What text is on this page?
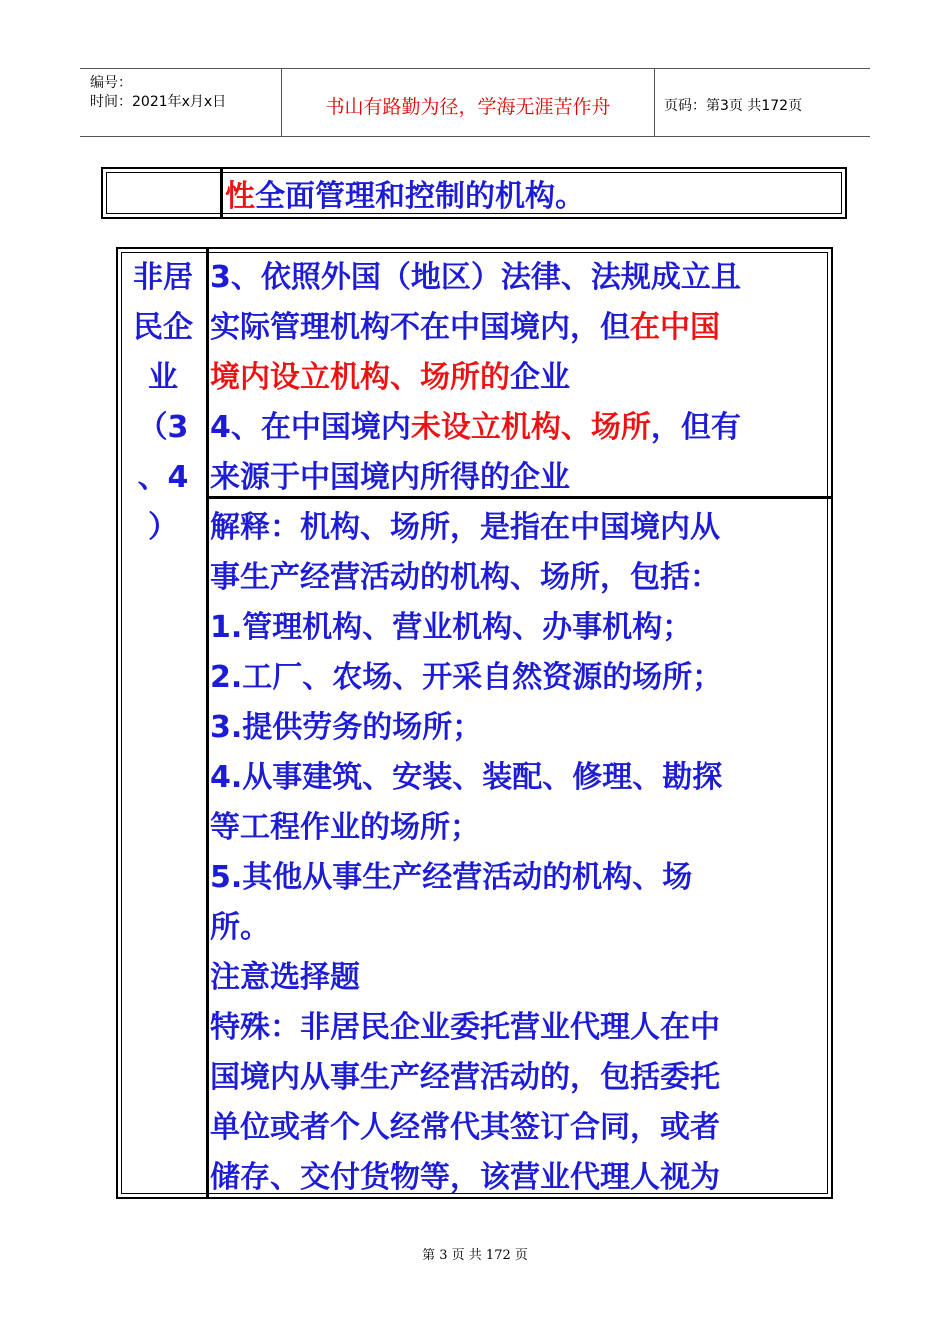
编号：
时间：2021年x月x日	书山有路勤为径，学海无涯苦作舟	页码：第3页 共172页
性全面管理和控制的机构。
非居
民企
业
（3
、4
）
3、依照外国（地区）法律、法规成立且
实际管理机构不在中国境内，但在中国
境内设立机构、场所的企业
4、在中国境内未设立机构、场所，但有
来源于中国境内所得的企业
解释：机构、场所，是指在中国境内从
事生产经营活动的机构、场所，包括：
1.管理机构、营业机构、办事机构；
2.工厂、农场、开采自然资源的场所；
3.提供劳务的场所；
4.从事建筑、安装、装配、修理、勘探
等工程作业的场所；
5.其他从事生产经营活动的机构、场
所。
注意选择题
特殊：非居民企业委托营业代理人在中
国境内从事生产经营活动的，包括委托
单位或者个人经常代其签订合同，或者
储存、交付货物等，该营业代理人视为
第 3 页 共 172 页
